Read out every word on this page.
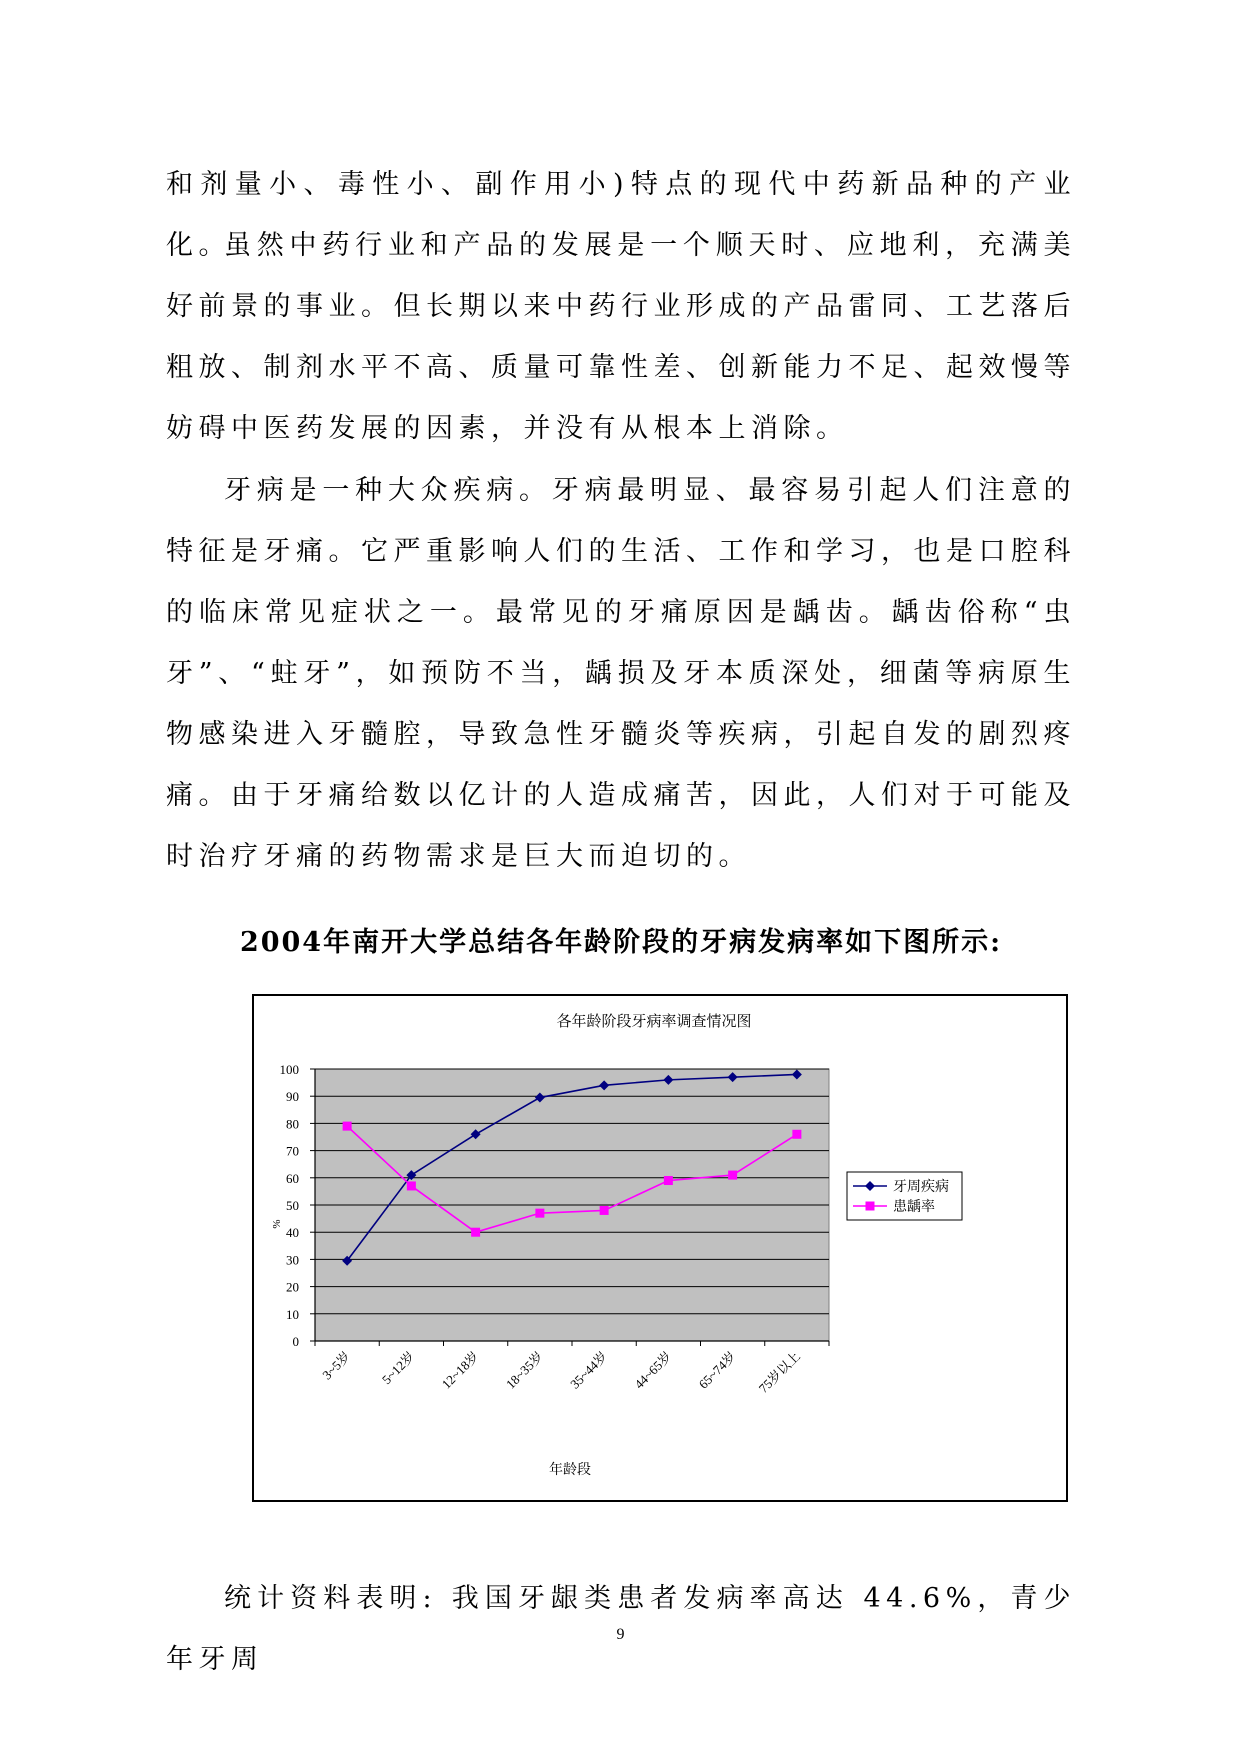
和剂量小、毒性小、副作用小)特点的现代中药新品种的产业化。

虽然中药行业和产品的发展是一个顺天时、应地利，充满美好前景的事业。但长期以来中药行业形成的产品雷同、工艺落后粗放、制剂水平不高、质量可靠性差、创新能力不足、起效慢等妨碍中医药发展的因素，并没有从根本上消除。

牙病是一种大众疾病。牙病最明显、最容易引起人们注意的特征是牙痛。它严重影响人们的生活、工作和学习，也是口腔科的临床常见症状之一。最常见的牙痛原因是龋齿。龋齿俗称“虫牙”、“蛀牙”，如预防不当，龋损及牙本质深处，细菌等病原生物感染进入牙髓腔，导致急性牙髓炎等疾病，引起自发的剧烈疼痛。由于牙痛给数以亿计的人造成痛苦，因此，人们对于可能及时治疗牙痛的药物需求是巨大而迫切的。

2004年南开大学总结各年龄阶段的牙病发病率如下图所示:

各年龄阶段牙病率调查情况图
%
年龄段
0
10
20
30
40
50
60
70
80
90
100
3~5岁 5~12岁 12~18岁 18~35岁 35~44岁 44~65岁 65~74岁 75岁以上
牙周疾病
患龋率

统计资料表明: 我国牙龈类患者发病率高达 44.6%，青少年牙周

9
